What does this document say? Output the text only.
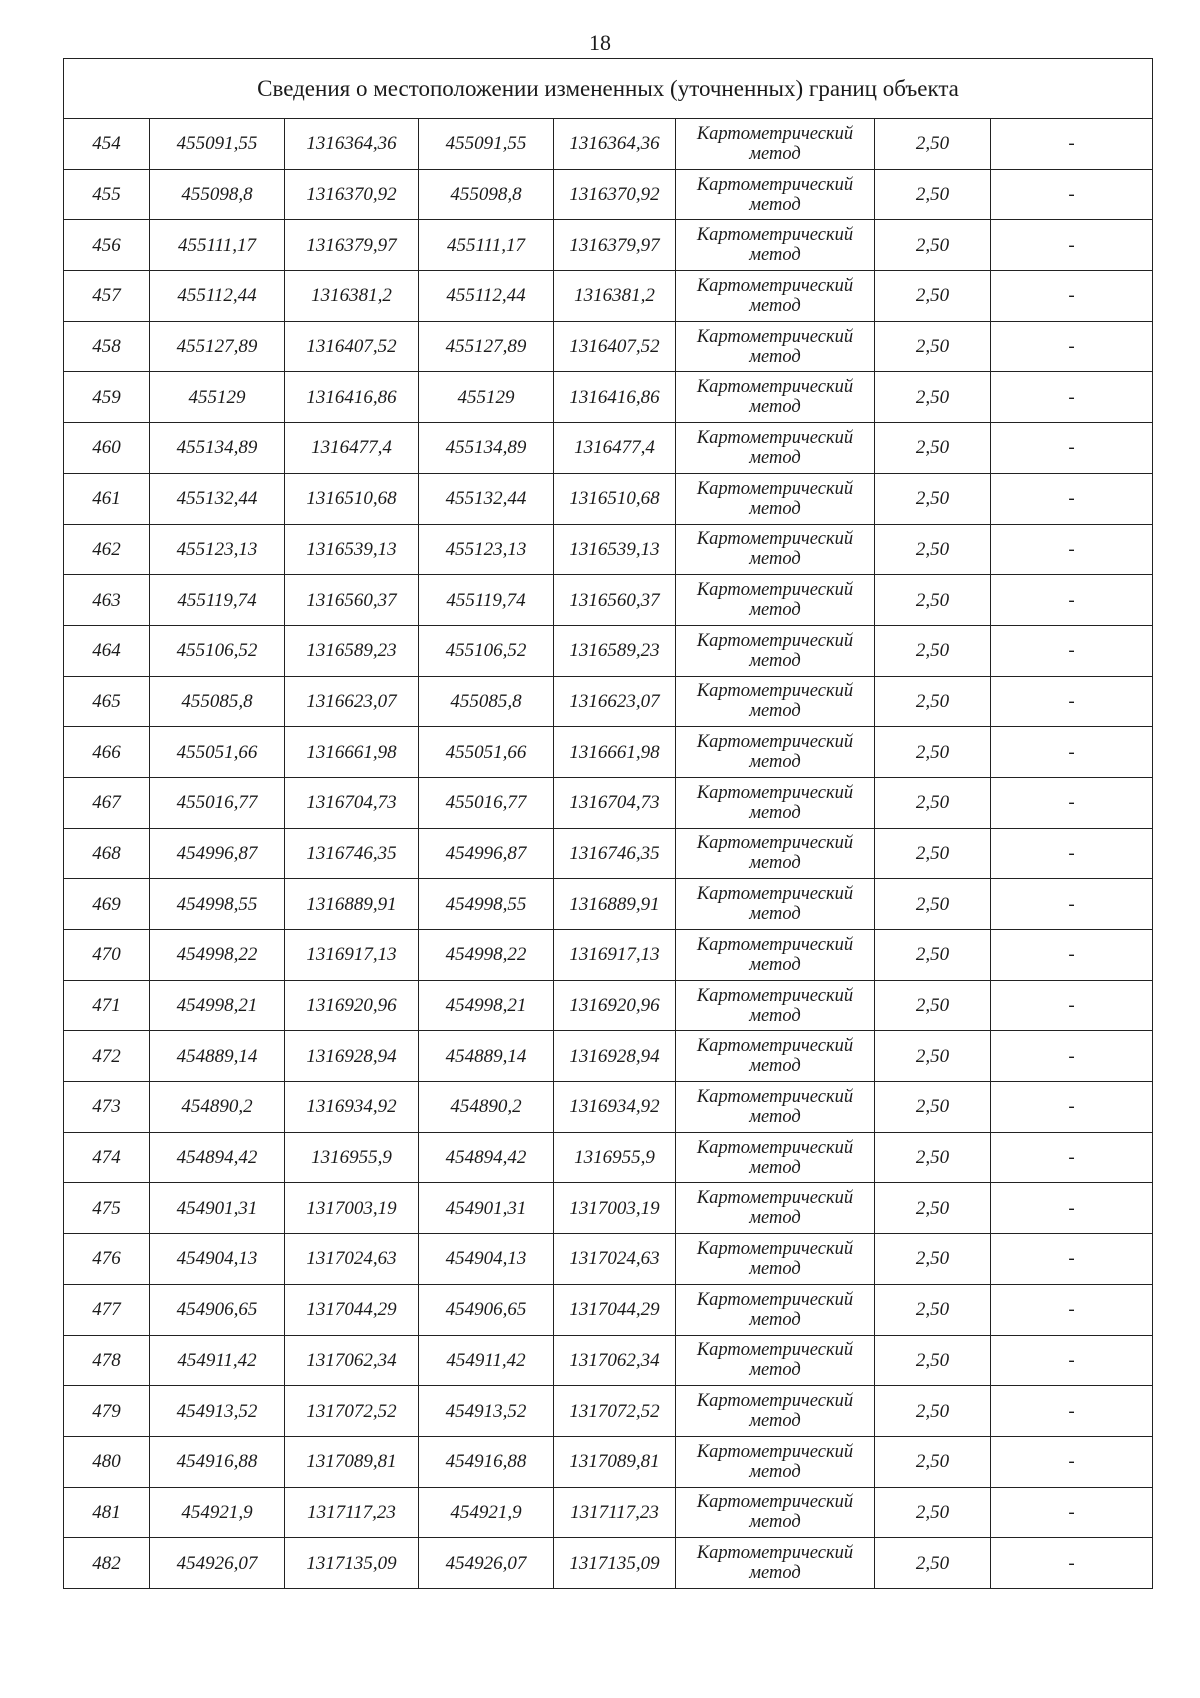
18
Сведения о местоположении измененных (уточненных) границ объекта							
454	455091,55	1316364,36	455091,55	1316364,36	Картометрический метод	2,50	-
455	455098,8	1316370,92	455098,8	1316370,92	Картометрический метод	2,50	-
456	455111,17	1316379,97	455111,17	1316379,97	Картометрический метод	2,50	-
457	455112,44	1316381,2	455112,44	1316381,2	Картометрический метод	2,50	-
458	455127,89	1316407,52	455127,89	1316407,52	Картометрический метод	2,50	-
459	455129	1316416,86	455129	1316416,86	Картометрический метод	2,50	-
460	455134,89	1316477,4	455134,89	1316477,4	Картометрический метод	2,50	-
461	455132,44	1316510,68	455132,44	1316510,68	Картометрический метод	2,50	-
462	455123,13	1316539,13	455123,13	1316539,13	Картометрический метод	2,50	-
463	455119,74	1316560,37	455119,74	1316560,37	Картометрический метод	2,50	-
464	455106,52	1316589,23	455106,52	1316589,23	Картометрический метод	2,50	-
465	455085,8	1316623,07	455085,8	1316623,07	Картометрический метод	2,50	-
466	455051,66	1316661,98	455051,66	1316661,98	Картометрический метод	2,50	-
467	455016,77	1316704,73	455016,77	1316704,73	Картометрический метод	2,50	-
468	454996,87	1316746,35	454996,87	1316746,35	Картометрический метод	2,50	-
469	454998,55	1316889,91	454998,55	1316889,91	Картометрический метод	2,50	-
470	454998,22	1316917,13	454998,22	1316917,13	Картометрический метод	2,50	-
471	454998,21	1316920,96	454998,21	1316920,96	Картометрический метод	2,50	-
472	454889,14	1316928,94	454889,14	1316928,94	Картометрический метод	2,50	-
473	454890,2	1316934,92	454890,2	1316934,92	Картометрический метод	2,50	-
474	454894,42	1316955,9	454894,42	1316955,9	Картометрический метод	2,50	-
475	454901,31	1317003,19	454901,31	1317003,19	Картометрический метод	2,50	-
476	454904,13	1317024,63	454904,13	1317024,63	Картометрический метод	2,50	-
477	454906,65	1317044,29	454906,65	1317044,29	Картометрический метод	2,50	-
478	454911,42	1317062,34	454911,42	1317062,34	Картометрический метод	2,50	-
479	454913,52	1317072,52	454913,52	1317072,52	Картометрический метод	2,50	-
480	454916,88	1317089,81	454916,88	1317089,81	Картометрический метод	2,50	-
481	454921,9	1317117,23	454921,9	1317117,23	Картометрический метод	2,50	-
482	454926,07	1317135,09	454926,07	1317135,09	Картометрический метод	2,50	-
